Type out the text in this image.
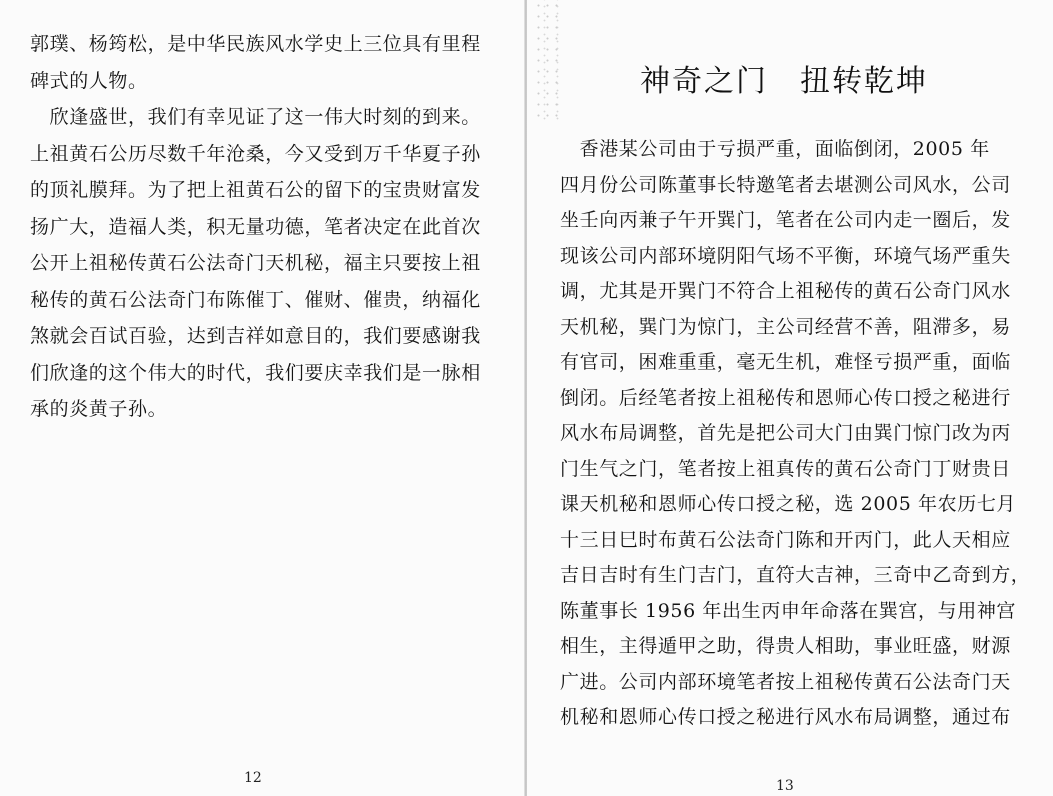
郭璞、杨筠松，是中华民族风水学史上三位具有里程
碑式的人物。
　欣逢盛世，我们有幸见证了这一伟大时刻的到来。
上祖黄石公历尽数千年沧桑，今又受到万千华夏子孙
的顶礼膜拜。为了把上祖黄石公的留下的宝贵财富发
扬广大，造福人类，积无量功德，笔者决定在此首次
公开上祖秘传黄石公法奇门天机秘，福主只要按上祖
秘传的黄石公法奇门布陈催丁、催财、催贵，纳福化
煞就会百试百验，达到吉祥如意目的，我们要感谢我
们欣逢的这个伟大的时代，我们要庆幸我们是一脉相
承的炎黄子孙。
12	13
神奇之门　扭转乾坤
　香港某公司由于亏损严重，面临倒闭，2005 年
四月份公司陈董事长特邀笔者去堪测公司风水，公司
坐壬向丙兼子午开巽门，笔者在公司内走一圈后，发
现该公司内部环境阴阳气场不平衡，环境气场严重失
调，尤其是开巽门不符合上祖秘传的黄石公奇门风水
天机秘，巽门为惊门，主公司经营不善，阻滞多，易
有官司，困难重重，毫无生机，难怪亏损严重，面临
倒闭。后经笔者按上祖秘传和恩师心传口授之秘进行
风水布局调整，首先是把公司大门由巽门惊门改为丙
门生气之门，笔者按上祖真传的黄石公奇门丁财贵日
课天机秘和恩师心传口授之秘，选 2005 年农历七月
十三日巳时布黄石公法奇门陈和开丙门，此人天相应
吉日吉时有生门吉门，直符大吉神，三奇中乙奇到方，
陈董事长 1956 年出生丙申年命落在巽宫，与用神宫
相生，主得遁甲之助，得贵人相助，事业旺盛，财源
广进。公司内部环境笔者按上祖秘传黄石公法奇门天
机秘和恩师心传口授之秘进行风水布局调整，通过布
